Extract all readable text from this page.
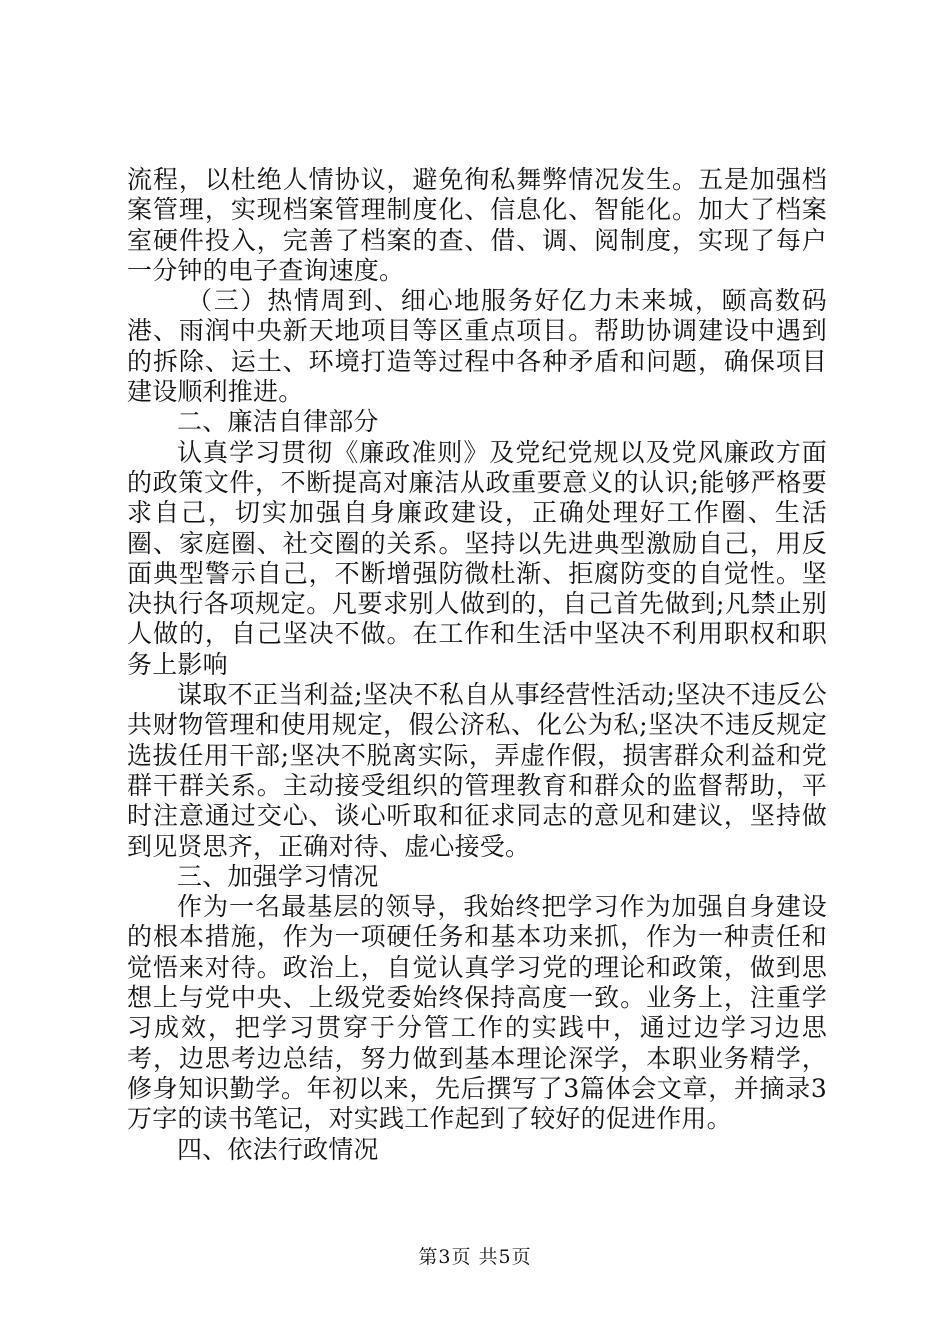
流程，以杜绝人情协议，避免徇私舞弊情况发生。五是加强档案管理，实现档案管理制度化、信息化、智能化。加大了档案室硬件投入，完善了档案的查、借、调、阅制度，实现了每户一分钟的电子查询速度。

（三）热情周到、细心地服务好亿力未来城，颐高数码港、雨润中央新天地项目等区重点项目。帮助协调建设中遇到的拆除、运土、环境打造等过程中各种矛盾和问题，确保项目建设顺利推进。

二、廉洁自律部分

认真学习贯彻《廉政准则》及党纪党规以及党风廉政方面的政策文件，不断提高对廉洁从政重要意义的认识;能够严格要求自己，切实加强自身廉政建设，正确处理好工作圈、生活圈、家庭圈、社交圈的关系。坚持以先进典型激励自己，用反面典型警示自己，不断增强防微杜渐、拒腐防变的自觉性。坚决执行各项规定。凡要求别人做到的，自己首先做到;凡禁止别人做的，自己坚决不做。在工作和生活中坚决不利用职权和职务上影响

谋取不正当利益;坚决不私自从事经营性活动;坚决不违反公共财物管理和使用规定，假公济私、化公为私;坚决不违反规定选拔任用干部;坚决不脱离实际，弄虚作假，损害群众利益和党群干群关系。主动接受组织的管理教育和群众的监督帮助，平时注意通过交心、谈心听取和征求同志的意见和建议，坚持做到见贤思齐，正确对待、虚心接受。

三、加强学习情况

作为一名最基层的领导，我始终把学习作为加强自身建设的根本措施，作为一项硬任务和基本功来抓，作为一种责任和觉悟来对待。政治上，自觉认真学习党的理论和政策，做到思想上与党中央、上级党委始终保持高度一致。业务上，注重学习成效，把学习贯穿于分管工作的实践中，通过边学习边思考，边思考边总结，努力做到基本理论深学，本职业务精学，修身知识勤学。年初以来，先后撰写了3篇体会文章，并摘录3万字的读书笔记，对实践工作起到了较好的促进作用。

四、依法行政情况

第3页 共5页
